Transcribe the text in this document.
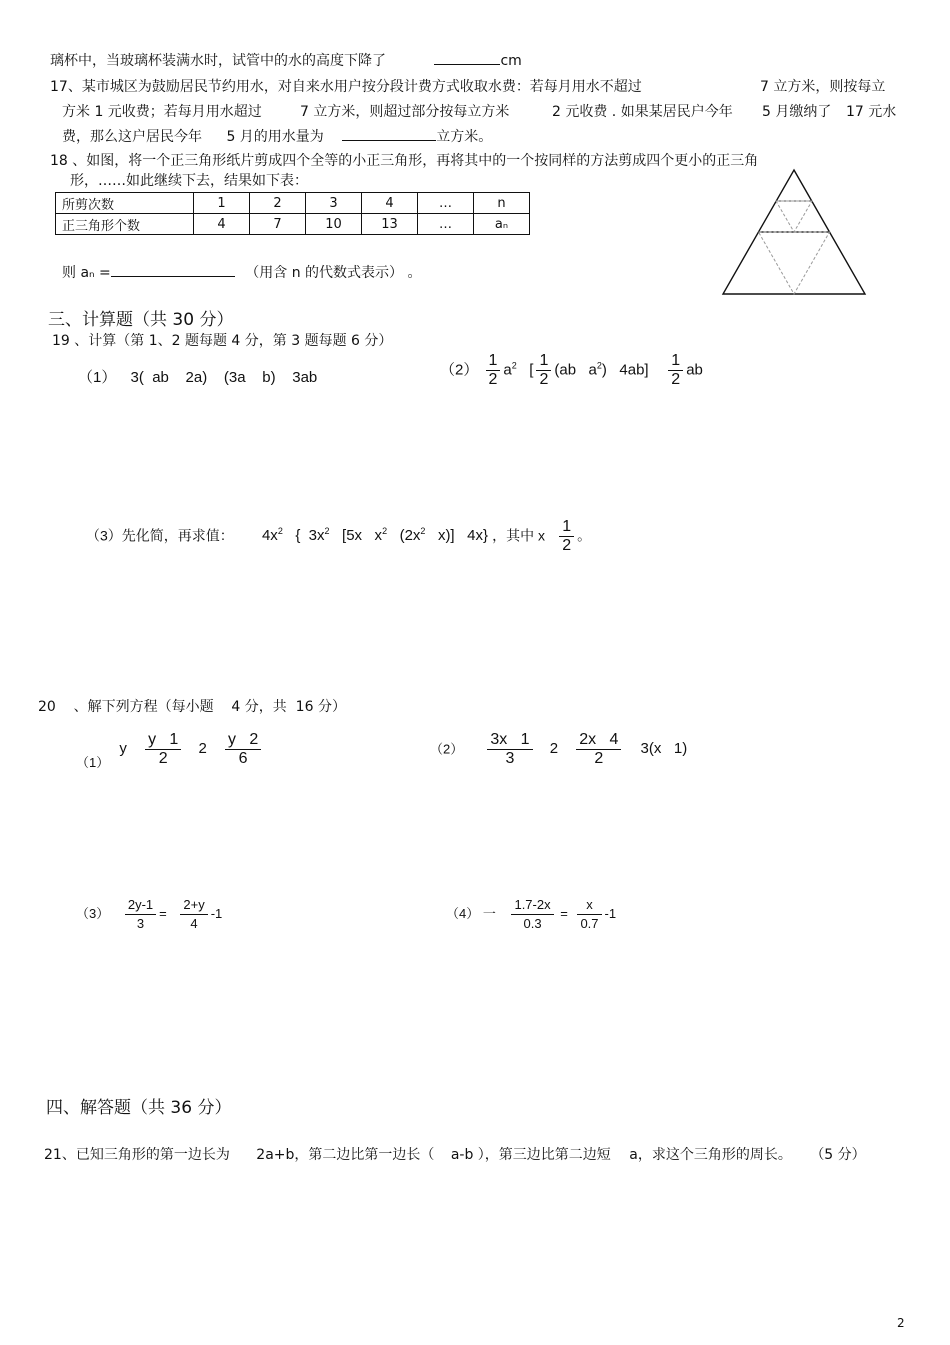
璃杯中，当玻璃杯装满水时，试管中的水的高度下降了	cm
17、某市城区为鼓励居民节约用水，对自来水用户按分段计费方式收取水费：若每月用水不超过	7 立方米，则按每立
方米 1 元收费；若每月用水超过	7 立方米，则超过部分按每立方米	2 元收费 . 如果某居民户今年 5 月缴纳了 17 元水
费，那么这户居民今年 5 月的用水量为	立方米。
18 、如图，将一个正三角形纸片剪成四个全等的小正三角形，再将其中的一个按同样的方法剪成四个更小的正三角
形，……如此继续下去，结果如下表：
所剪次数	1	2	3	4	…	n
正三角形个数	4	7	10	13	…	aₙ
则 aₙ =	（用含 n 的代数式表示） 。
三、计算题（共 30 分）
19 、计算（第 1、2 题每题 4 分，第 3 题每题 6 分）
（1） 3(  ab    2a)    (3a    b)    3ab	$(2) \frac{1}{2} a^2$   [ $\frac{1}{2} (ab$   $a^2$)   $4ab] \frac{1}{2}$ ab
（3）先化简，再求值： $4x^2$   {  $3x^2$   [5x   $x^2$   ($2x^2$   x)]   4x} ，其中 x $\frac{1}{2}$ 。
20    、解下列方程（每小题    4 分，共  16 分）
（1） y $\frac{y 1}{2} 2 \frac{y 2}{6}$	$(2) \frac{3x 1}{3} 2 \frac{2x 4}{2} 3(x$   1)
$(3) \frac{2y-1}{3} = \frac{2+y}{4} -1$	（4） 一 $\frac{1.7-2x}{0.3} = \frac{x}{0.7} -1$
四、解答题（共 36 分）
21、已知三角形的第一边长为 2a+b，第二边比第一边长（ a-b ），第三边比第二边短 a，求这个三角形的周长。 （5 分）
2
